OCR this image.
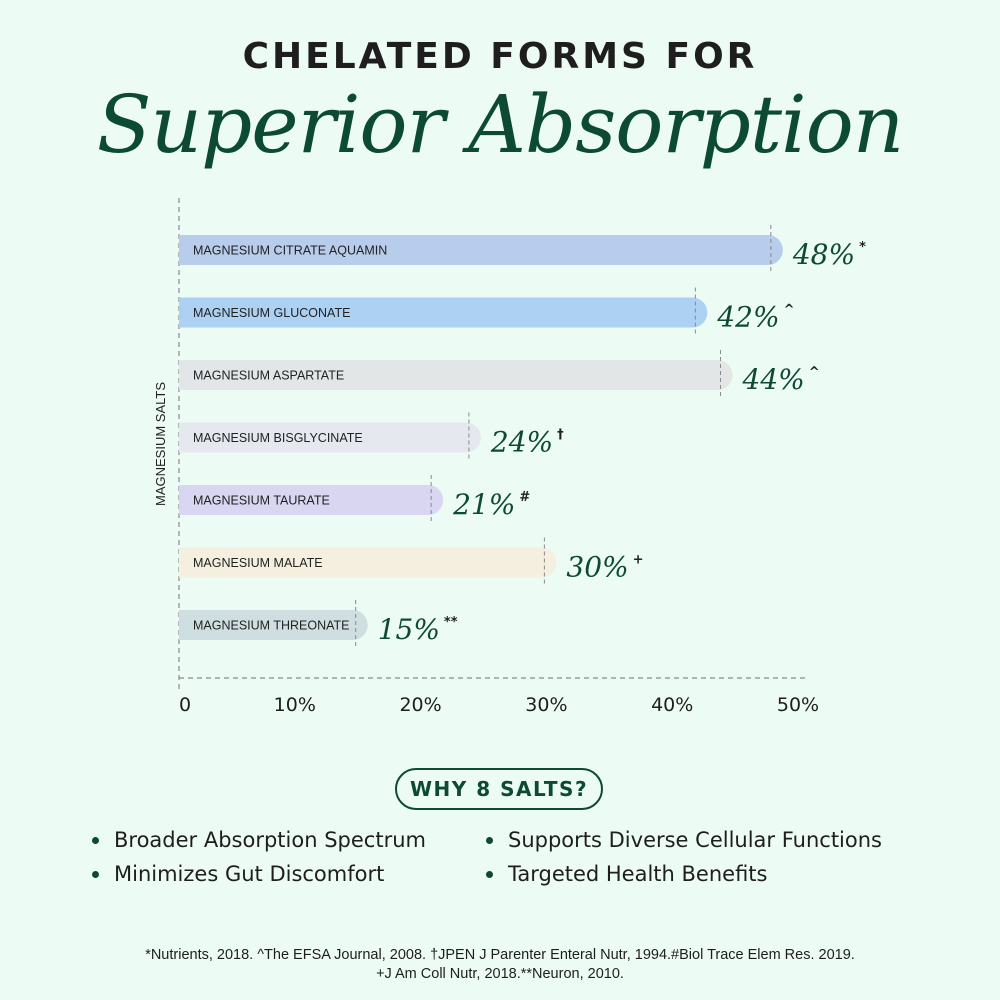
CHELATED FORMS FOR
Superior Absorption
MAGNESIUM CITRATE AQUAMIN	48% *
MAGNESIUM GLUCONATE	42% ^
MAGNESIUM ASPARTATE	44% ^
MAGNESIUM BISGLYCINATE	24% †
MAGNESIUM TAURATE	21% #
MAGNESIUM MALATE	30% +
MAGNESIUM THREONATE 15% **
0	10%	20%	30%	40%	50%
MAGNESIUM SALTS
WHY 8 SALTS?
Broader Absorption Spectrum
Minimizes Gut Discomfort
Supports Diverse Cellular Functions
Targeted Health Benefits
*Nutrients, 2018. ^The EFSA Journal, 2008. †JPEN J Parenter Enteral Nutr, 1994.#Biol Trace Elem Res. 2019.
+J Am Coll Nutr, 2018.**Neuron, 2010.
